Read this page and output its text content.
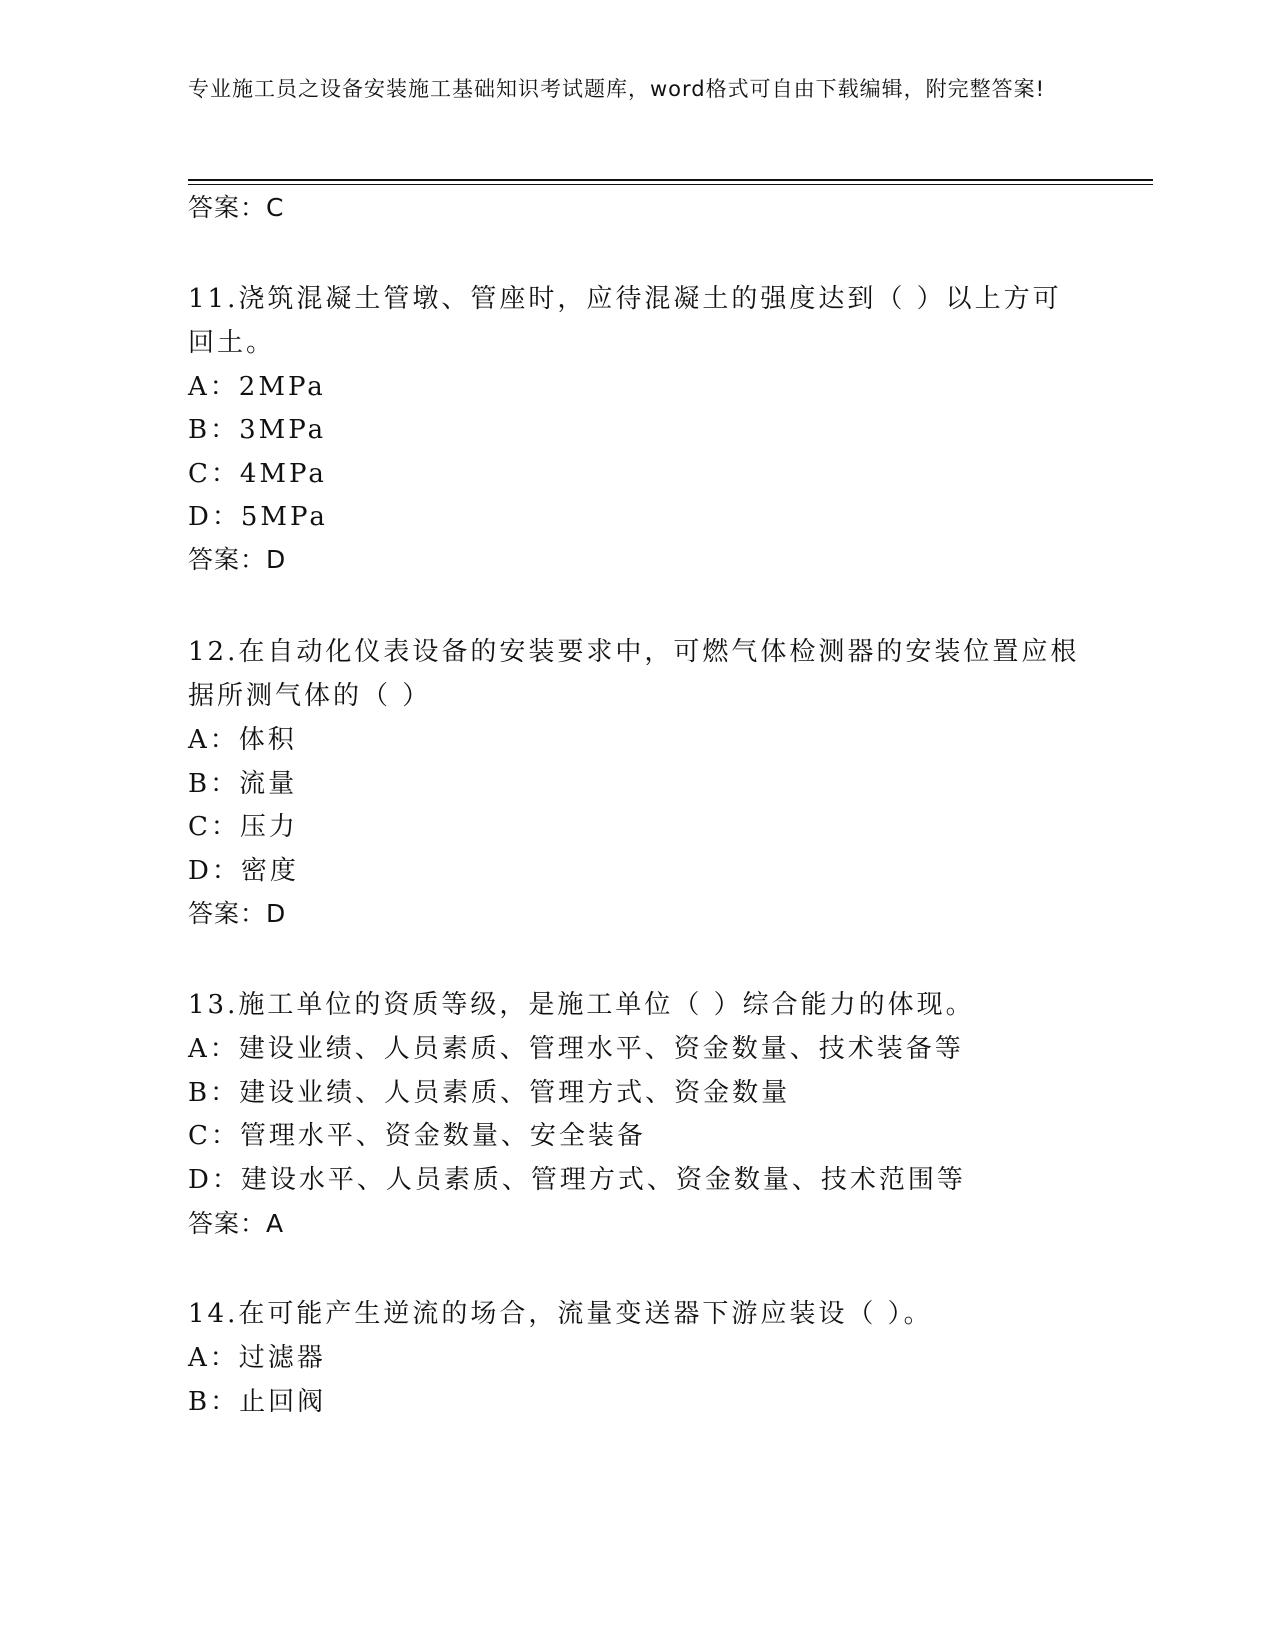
专业施工员之设备安装施工基础知识考试题库，word格式可自由下载编辑，附完整答案!
答案：C
11.浇筑混凝土管墩、管座时，应待混凝土的强度达到（ ）以上方可
回土。
A：2MPa
B：3MPa
C：4MPa
D：5MPa
答案：D
12.在自动化仪表设备的安装要求中，可燃气体检测器的安装位置应根
据所测气体的（ ）
A：体积
B：流量
C：压力
D：密度
答案：D
13.施工单位的资质等级，是施工单位（ ）综合能力的体现。
A：建设业绩、人员素质、管理水平、资金数量、技术装备等
B：建设业绩、人员素质、管理方式、资金数量
C：管理水平、资金数量、安全装备
D：建设水平、人员素质、管理方式、资金数量、技术范围等
答案：A
14.在可能产生逆流的场合，流量变送器下游应装设（ ）。
A：过滤器
B：止回阀
